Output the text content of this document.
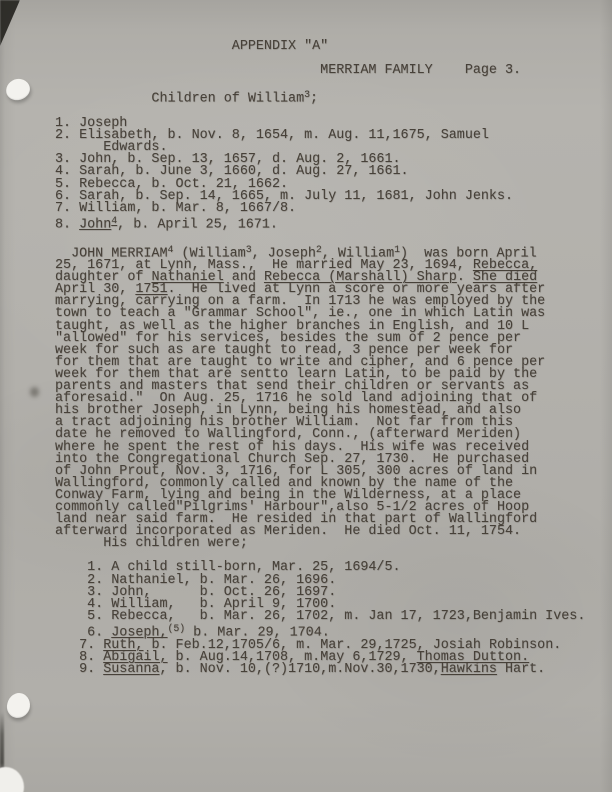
APPENDIX "A"

MERRIAM FAMILY    Page 3.

Children of William$^3$;

1. Joseph
2. Elisabeth, b. Nov. 8, 1654, m. Aug. 11,1675, Samuel
Edwards.
3. John, b. Sep. 13, 1657, d. Aug. 2, 1661.
4. Sarah, b. June 3, 1660, d. Aug. 27, 1661.
5. Rebecca, b. Oct. 21, 1662.
6. Sarah, b. Sep. 14, 1665, m. July 11, 1681, John Jenks.
7. William, b. Mar. 8, 1667/8.
8. John$^4$, b. April 25, 1671.

JOHN MERRIAM$^4$ (William$^3$, Joseph$^2$, William$^1$)  was born April
25, 1671, at Lynn, Mass.,  He married May 23, 1694, Rebecca,
daughter of Nathaniel and Rebecca (Marshall) Sharp. She died
April 30, 1751.  He lived at Lynn a score or more years after
marrying, carrying on a farm.  In 1713 he was employed by the
town to teach a "Grammar School", ie., one in which Latin was
taught, as well as the higher branches in English, and 10 L
"allowed" for his services, besides the sum of 2 pence per
week for such as are taught to read, 3 pence per week for
for them that are taught to write and cipher, and 6 pence per
week for them that are sentto learn Latin, to be paid by the
parents and masters that send their children or servants as
aforesaid."  On Aug. 25, 1716 he sold land adjoining that of
his brother Joseph, in Lynn, being his homestead, and also
a tract adjoining his brother William.  Not far from this
date he removed to Wallingford, Conn., (afterward Meriden)
where he spent the rest of his days.  His wife was received
into the Congregational Church Sep. 27, 1730.  He purchased
of John Prout, Nov. 3, 1716, for L 305, 300 acres of land in
Wallingford, commonly called and known by the name of the
Conway Farm, lying and being in the Wilderness, at a place
commonly called"Pilgrims' Harbour",also 5-1/2 acres of Hoop
land near said farm.  He resided in that part of Wallingford
afterward incorporated as Meriden.  He died Oct. 11, 1754.
His children were;

1. A child still-born, Mar. 25, 1694/5.
2. Nathaniel, b. Mar. 26, 1696.
3. John,      b. Oct. 26, 1697.
4. William,   b. April 9, 1700.
5. Rebecca,   b. Mar. 26, 1702, m. Jan 17, 1723,Benjamin Ives.
6. Joseph,$^{(5)}$ b. Mar. 29, 1704.
7. Ruth, b. Feb.12,1705/6, m. Mar. 29,1725, Josiah Robinson.
8. Abigail, b. Aug.14,1708, m.May 6,1729, Thomas Dutton.
9. Susanna, b. Nov. 10,(?)1710,m.Nov.30,1730,Hawkins Hart.
